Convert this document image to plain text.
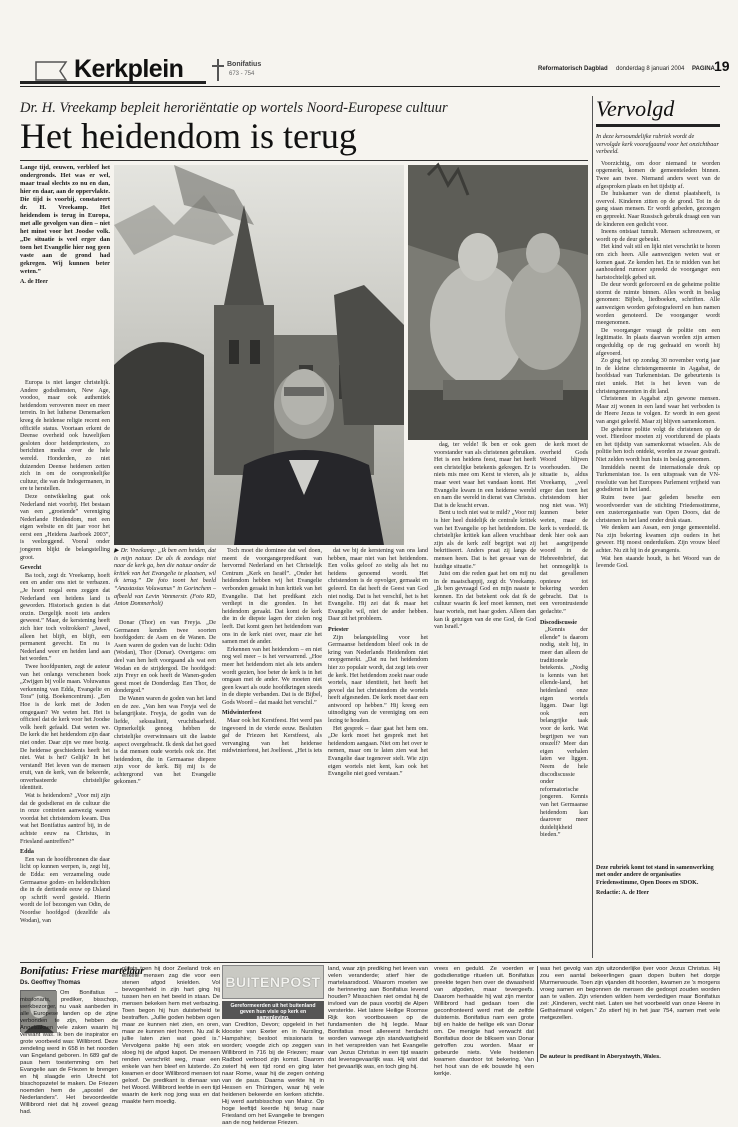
Kerkplein	Bonifatius
673 - 754
Reformatorisch Dagblad donderdag 8 januari 2004 PAGINA 19
Dr. H. Vreekamp bepleit heroriëntatie op wortels Noord-Europese cultuur
Het heidendom is terug

Lange tijd, eeuwen, verbleef het ondergronds. Het was er wel, maar traal slechts zo nu en dan, hier en daar, aan de oppervlakte. Die tijd is voorbij, constateert dr. H. Vreekamp. Het heidendom is terug in Europa, met alle gevolgen van dien – niet het minst voor het Joodse volk. „De situatie is veel erger dan toen het Evangelie hier nog geen vaste aan de grond had gekregen. Wij kunnen beter weten.”

A. de Heer

Europa is niet langer christelijk. Andere godsdiensten, New Age, voodoo, maar ook authentiek heidendom veroveren meer en meer terrein. In het lutherse Denemarken kreeg de heidense religie recent een officiële status. Voortaan erkent de Deense overheid ook huwelijken gesloten door heidenpriesters, zo berichtten media over de hele wereld. Honderden, zo niet duizenden Deense heidenen zetten zich in om de oorspronkelijke cultuur, die van de Indogermanen, in ere te herstellen.

Deze ontwikkeling gaat ook Nederland niet voorbij. Het bestaan van een „groeiende” vereniging Nederlande Heidendom, met een eigen website en dit jaar voor het eerst een „Heidens Jaarboek 2003”, is veelzeggend. Vooral onder jongeren blijkt de belangstelling groot.

Gevecht

Ba toch, zegt dr. Vreekamp, hoeft een en ander ons niet te verbazen. „Je hoort nogal eens zeggen dat Nederland een heidens land is geworden. Historisch gezien is dat onzin. Dergelijk nooit iets anders geweest.” Maar, de kerstening heeft zich hier toch voltrokken? „Jawel, alleen het blijft, en blijft, een permanent gevecht. En nu is Nederland weer en heiden land aan het worden.”

Twee hoofdpunten, zegt de auteur van het onlangs verschenen boek „Zwijgen bij volle maan. Voluwanus verkenning van Edda, Evangelie en Tora” (uitg. Boekencentrum). „Een Hoe is de kerk met de Joden omgegaan? We weten het. Het is officieel dat de kerk voor het Joodse volk heeft gefaald. Dat weten we. De kerk die het heidendom zijn daar niet onder. Daar zijn we mee bezig. De heidense geschiedenis heeft het niet. Wat is het? Gelijk? In het verstand! Het leven van de mensen eruit, van de kerk, van de bekeerde, onverbasteerde christelijke identiteit.

Wat is heidendom? „Voor mij zijn dat de godsdienst en de cultuur die in onze contreien aanwezig waren voordat het christendom kwam. Dus wat het Bonifatius aantrof bij, in de achtste eeuw na Christus, in Friesland aantreffen?”

Edda

Een van de hoofdbronnen die daar licht op kunnen werpen, is, zegt hij, de Edda: een verzameling oude Germaanse goden- en heldendichten die in de dertiende eeuw op IJsland op schrift werd gesteld. Hierin wordt de lof bezongen van Odin, de Noordse hoofdgod (dezelfde als Wodan), van

▶ Dr. Vreekamp: „Ik ben een heiden, dat is mijn natuur. De als ik zondags niet naar de kerk ga, ben die natuur onder de kritiek van het Evangelie te plaatsen, wil ik terug.” De foto toont het beeld “Anastasius Voluwanus” in Gorinchem – afbeeld van Levin Vanmerstr. (Foto RD, Anton Dommerholt)

Donar (Thor) en van Freyja. „De Germanen kenden twee soorten hoofdgoden: de Asen en de Wanen. De Asen waren de goden van de lucht: Odin (Wodan), Thor (Donar). Overigens: om deel van hen heft voorgaand als wat een Wodan en de strijdergod. De hoofdgod: zijn Freyr en ook heeft de Wanen-goden geest moet de Donderdag. Een Thor, de dondergod.”

De Wanen waren de goden van het land en de zee. „Van hen was Freyja wel de belangrijkste. Freyja, de godin van de liefde, seksualiteit, vruchtbaarheid. Opmerkelijk genoeg hebben de christelijke overwinnaars uit die laatste aspect overgebracht. Ik denk dat het goed is dat mensen oude wortels ook zie. Het heidendom, die in Germaanse diepere zijn voor de kerk. Bij mij is de achtergrond van het Evangelie gekomen.”

Toch moet die dominee dat wel doen, meent de voorgangerpredikant van hervormd Nederland en het Christelijk Centrum „Kerk en Israël”. „Onder het heidendom hebben wij het Evangelie verbonden geraakt in hun kritiek van het Evangelie. Dat het predikant zich verdiept in die gronden. In het heidendom geraakt. Dat komt de kerk die in de diepste lagen der zielen nog leeft. Dat komt geen het heidendom van ons in de kerk niet over, maar zie het samen met de ander.

Erkennen van het heidendom – en niet nog wel meer – is het verwarrend. „Hoe meer het heidendom niet als iets anders wordt gezien, hoe beter de kerk is in het omgaan met de ander. We moeten niet geen kwart als oude hoofdkringen steeds in de diepte verbanden. Dat is de Bijbel, Gods Woord – dat maakt het verschil.”

Midwinterfeest

Maar ook het Kerstfeest. Het werd pas ingevoerd in de vierde eeuw. Besluiten gaf de Friezen het Kerstfeest, als vervanging van het heidense midwinterfeest, het Joelfeest. „Het is iets

dat we bij de kerstening van ons land hebben, maar niet van het heidendom. Een volks geloof zo stelig als het nu heidens genoemd wordt. Het christendom is de opvolger, gemaakt en geleerd. En dat heeft de Geest van God niet nodig. Dat is het verschil, het is het Evangelie. Hij zei dat ik maar het Evangelie wil, niet de ander hebben. Daar zit het probleem.

Priester

Zijn belangstelling voor het Germaanse heidendom bleef ook in de kring van Nederlands Heidendom niet onopgemerkt. „Dat nu het heidendom hier zo populair wordt, dat zegt iets over de kerk. Het heidendom zoekt naar oude wortels, naar identiteit, het heeft het gevoel dat het christendom die wortels heeft afgesneden. De kerk moet daar een antwoord op hebben.” Hij kreeg een uitnodiging van de vereniging om een lezing te houden.

Het gesprek – daar gaat het hem om. „De kerk moet het gesprek met het heidendom aangaan. Niet om het over te nemen, maar om te laten zien wat het Evangelie daar tegenover stelt. Wie zijn eigen wortels niet kent, kan ook het Evangelie niet goed verstaan.”

dag, ter velde! Ik ben er ook geen voorstander van als christenen gebruiken. Het is een heidens feest, maar het heeft een christelijke betekenis gekregen. Er is niets mis mee om Kerst te vieren, als je maar weet waar het vandaan komt. Het Evangelie kwam in een heidense wereld en nam die wereld in dienst van Christus. Dat is de kracht ervan.

Bent u toch niet wat te mild? „Voor mij is hier heel duidelijk de centrale kritiek van het Evangelie op het heidendom. De christelijke kritiek kan alleen vruchtbaar zijn als de kerk zelf begrijpt wat zij bekritiseert. Anders praat zij langs de mensen heen. Dat is het gevaar van de huidige situatie.”

Juist om die reden gaat het om mij nu in de maatschappij, zegt dr. Vreekamp. „Ik ben gevraagd God en mijn naaste te kennen. En dat betekent ook dat ik de cultuur waarin ik leef moet kennen, met haar wortels, met haar goden. Alleen dan kan ik getuigen van de ene God, de God van Israël.”

de kerk moet de overheid Gods Woord blijven voorhouden. De situatie is, aldus Vreekamp, „veel erger dan toen het christendom hier nog niet was. Wij kunnen beter weten, maar de kerk is verdeeld. Ik denk hier ook aan het aangrijpende woord in de Hebreeënbrief, dat het onmogelijk is dat gevallenen opnieuw tot bekering worden gebracht. Dat is een verontrustende gedachte.”

Discodiscussie

„Kennis der ellende” is daarom nodig, stelt hij, in meer dan alleen de traditionele betekenis. „Nodig is kennis van het ellende-land, het heidenland onze eigen wortels liggen. Daar ligt ook een belangrijke taak voor de kerk. Wat begrijpen we van onszelf? Meer dan eigen verhalen laten we liggen. Neem de hele discodiscussie onder reformatorische jongeren. Kennis van het Germaanse heidendom kan daarover meer duidelijkheid bieden.”

Vervolgd

In deze kersoundelijke rubriek wordt de vervolgde kerk voorafgaand voor het onzichtbaar verbeeld.

Voorzichtig, om door niemand te worden opgemerkt, komen de gemeenteleden binnen. Twee aan twee. Niemand anders weet van de afgesproken plaats en het tijdstip af.

De huiskamer van de dienst plaatsheeft, is overvol. Kinderen zitten op de grond. Tot in de gang staan mensen. Er wordt gebeden, gezongen en gepreekt. Naar Russisch gebruik draagt een van de kinderen een gedicht voor.

Ineens ontstaat tumult. Mensen schreeuwen, er wordt op de deur gebeukt.

Het kind valt stil en lijkt niet verschrikt te horen om zich heen. Alle aanwezigen weten wat er komen gaat. Ze kenden het. En te midden van het aanhoudend rumoer spreekt de voorganger een hartstochtelijk gebed uit.

De deur wordt geforceerd en de geheime politie stormt de ruimte binnen. Alles wordt in beslag genomen: Bijbels, liedboeken, schriften. Alle aanwezigen worden gefotografeerd en hun namen worden genoteerd. De voorganger wordt meegenomen.

De voorganger vraagt de politie om een legitimatie. In plaats daarvan worden zijn armen ongeduldig op de rug gedraaid en wordt hij afgevoerd.

Zo ging het op zondag 30 november vorig jaar in de kleine christengemeente in Aşgabat, de hoofdstad van Turkmenistan. De gebeurtenis is niet uniek. Het is het leven van de christengemeenten in dit land.

Christenen in Aşgabat zijn gewone mensen. Maar zij wonen in een land waar het verboden is de Heere Jezus te volgen. Er wordt in een geest van angst geleefd. Maar zij blijven samenkomen.

De geheime politie volgt de christenen op de voet. Hierdoor moeten zij voortdurend de plaats en het tijdstip van samenkomst wisselen. Als de politie hen toch ontdekt, worden ze zwaar gestraft. Niet zelden wordt hun huis in beslag genomen.

Inmiddels neemt de internationale druk op Turkmenistan toe. Is een uitspraak van de VN-resolutie van het Europees Parlement vrijheid van godsdienst in het land.

Ruim twee jaar geleden besefte een woordvoerder van de stichting Friedensstimme, een zusterorganisatie van Open Doors, dat de christenen in het land onder druk staan.

We denken aan Assan, een jonge gemeentelid. Na zijn bekering kwamen zijn ouders in het geweer. Hij moest onderduiken. Zijn vrouw bleef achter. Nu zit hij in de gevangenis.

Wat hen staande houdt, is het Woord van de levende God.

Deze rubriek komt tot stand in samenwerking met onder andere de organisaties Friedensstimme, Open Doors en SDOK.

Redactie: A. de Heer

BUITENPOST
Gereformeerden uit het buitenland geven hun visie op kerk en samenleving.
Bonifatius: Friese martelaar
Ds. Geoffrey Thomas
Om Bonifatius – missionaris, prediker, bisschop, werkbezorger, nu vaak aanbeden in alle Europese landen op de zijne verbonden te zijn, hebben de Angelsaksen vele zaken waarin hij verwant was. Ik ben de inspirator en grote voorbeeld was: Willibrord. Deze zendeling werd in 658 in het noorden van Engeland geboren. In 689 gaf de paus hem toestemming om het Evangelie aan de Friezen te brengen en hij slaagde erin Utrecht tot bisschopszetel te maken. De Friezen noemden hem de „apostel der Nederlanders”. Het bevoordeelde Willibrord niet dat hij zoveel gezag had.
plaats toen hij door Zeeland trok en enkele mensen zag die voor een stenen afgod knielden. Vol bewogenheid in zijn hart ging hij tussen hen en het beeld in staan. De mensen bekeken hem met verbazing. Toen begon hij hun duisterheid te bestraffen. „Jullie goden hebben ogen maar ze kunnen niet zien, en oren, maar ze kunnen niet horen. Nu zal ik jullie laten zien wat goed is.” Vervolgens pakte hij een stok en sloeg hij de afgod kapot. De mensen renden verschrikt weg, maar een enkele van hen bleef en luisterde. Zo kwamen er door Willibrord mensen tot geloof. De predikant is dienaar van het Woord. Willibrord leefde in een tijd waarin de kerk nog jong was en dat maakte hem moedig.
van Crediton, Devon; opgeleid in het klooster van Exeter en in Nursling, Hampshire; besloot missionaris te worden; voegde zich op zeggen van Willibrord in 716 bij de Friezen; maar Radbod verbood zijn komst. Daarom zwierf hij een tijd rond en ging later naar Rome, waar hij de zegen ontving van de paus. Daarna werkte hij in Hessen en Thüringen, waar hij vele heidenen bekeerde en kerken stichtte. Hij werd aartsbisschop van Mainz. Op hoge leeftijd keerde hij terug naar Friesland om het Evangelie te brengen aan de nog heidense Friezen.
land, waar zijn prediking het leven van velen veranderde; stierf hier de martelaarsdood. Waarom moeten we de herinnering aan Bonifatius levend houden? Missschien niet omdat hij de invloed van de paus voorbij de Alpen versterkte. Het latere Heilige Roomse Rijk kon voortbouwen op de fundamenten die hij legde. Maar Bonifatius moet allereerst herdacht worden vanwege zijn standvastigheid in het verspreiden van het Evangelie van Jezus Christus in een tijd waarin dat levensgevaarlijk was. Hij wist dat het gevaarlijk was, en toch ging hij.
vrees en geduld. Ze voerden er godsdienstige rituelen uit. Bonifatius preekte tegen hen over de dwaasheid van afgoden, maar tevergeefs. Daarom herhaalde hij wat zijn mentor Willibrord had gedaan toen die geconfronteerd werd met de zelfde duisternis. Bonifatius nam een grote bijl en hakte de heilige eik van Donar om. De menigte had verwacht dat Bonifatius door de bliksem van Donar getroffen zou worden. Maar er gebeurde niets. Vele heidenen kwamen daardoor tot bekering. Van het hout van de eik bouwde hij een kerkje.
was het gevolg van zijn uitzonderlijke ijver voor Jezus Christus. Hij zou een aantal bekeerlingen gaan dopen buiten het dorpje Murmerwoude. Toen zijn vijanden dit hoorden, kwamen ze 's morgens vroeg samen en begonnen de mensen die gedoopt zouden worden aan te vallen. Zijn vrienden wilden hem verdedigen maar Bonifatius zei: „Kinderen, vecht niet. Laten we het voorbeeld van onze Heere in Gethsémané volgen.” Zo stierf hij in het jaar 754, samen met vele metgezellen.
De auteur is predikant in Aberystwyth, Wales.
